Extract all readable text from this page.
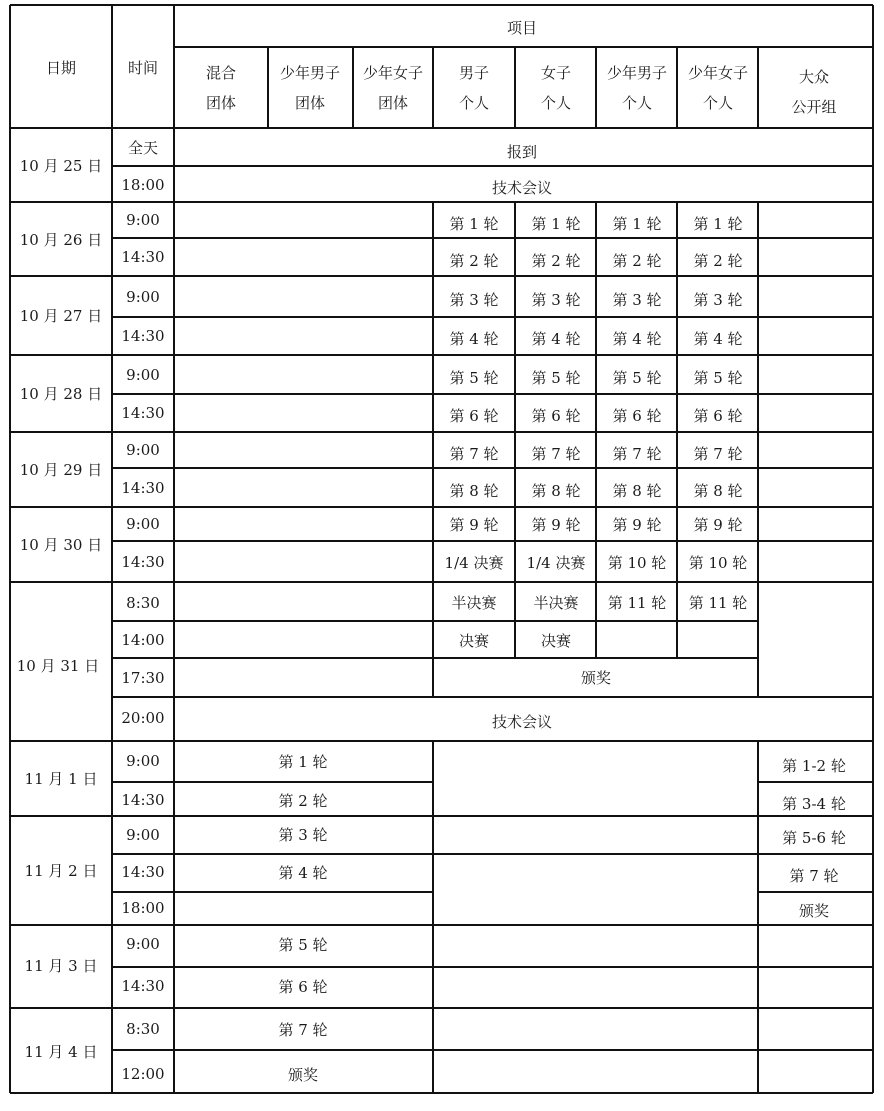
日期	时间
项目
混合
团体
少年男子
团体
少年女子
团体
男子
个人
女子
个人
少年男子
个人
少年女子
个人
大众
公开组
10 月 25 日
10 月 26 日
10 月 27 日
10 月 28 日
10 月 29 日
10 月 30 日
10 月 31 日
11 月 1 日
11 月 2 日
11 月 3 日
11 月 4 日
全天
18:00
9:00
14:30
9:00
14:30
9:00
14:30
9:00
14:30
9:00
14:30
8:30
14:00
17:30
20:00
9:00
14:30
9:00
14:30
18:00
9:00
14:30
8:30
12:00
报到
技术会议
技术会议
颁奖
第 1 轮 第 1 轮 第 1 轮 第 1 轮
第 2 轮 第 2 轮 第 2 轮 第 2 轮
第 3 轮 第 3 轮 第 3 轮 第 3 轮
第 4 轮 第 4 轮 第 4 轮 第 4 轮
第 5 轮 第 5 轮 第 5 轮 第 5 轮
第 6 轮 第 6 轮 第 6 轮 第 6 轮
第 7 轮 第 7 轮 第 7 轮 第 7 轮
第 8 轮 第 8 轮 第 8 轮 第 8 轮
第 9 轮 第 9 轮 第 9 轮 第 9 轮
1/4 决赛 1/4 决赛 第 10 轮 第 10 轮
半决赛 半决赛 第 11 轮 第 11 轮
决赛	决赛
第 1 轮
第 2 轮
第 3 轮
第 4 轮
第 5 轮
第 6 轮
第 7 轮
颁奖
第 1-2 轮
第 3-4 轮
第 5-6 轮
第 7 轮
颁奖
